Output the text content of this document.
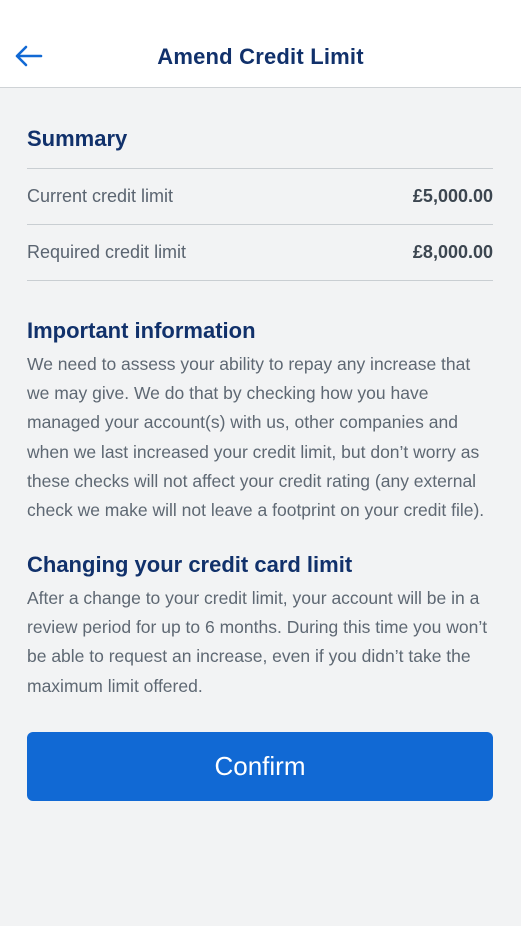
Amend Credit Limit
Summary
Current credit limit	£5,000.00
Required credit limit	£8,000.00
Important information

We need to assess your ability to repay any increase that we may give. We do that by checking how you have managed your account(s) with us, other companies and when we last increased your credit limit, but don’t worry as these checks will not affect your credit rating (any external check we make will not leave a footprint on your credit file).

Changing your credit card limit

After a change to your credit limit, your account will be in a review period for up to 6 months. During this time you won’t be able to request an increase, even if you didn’t take the maximum limit offered.

Confirm
